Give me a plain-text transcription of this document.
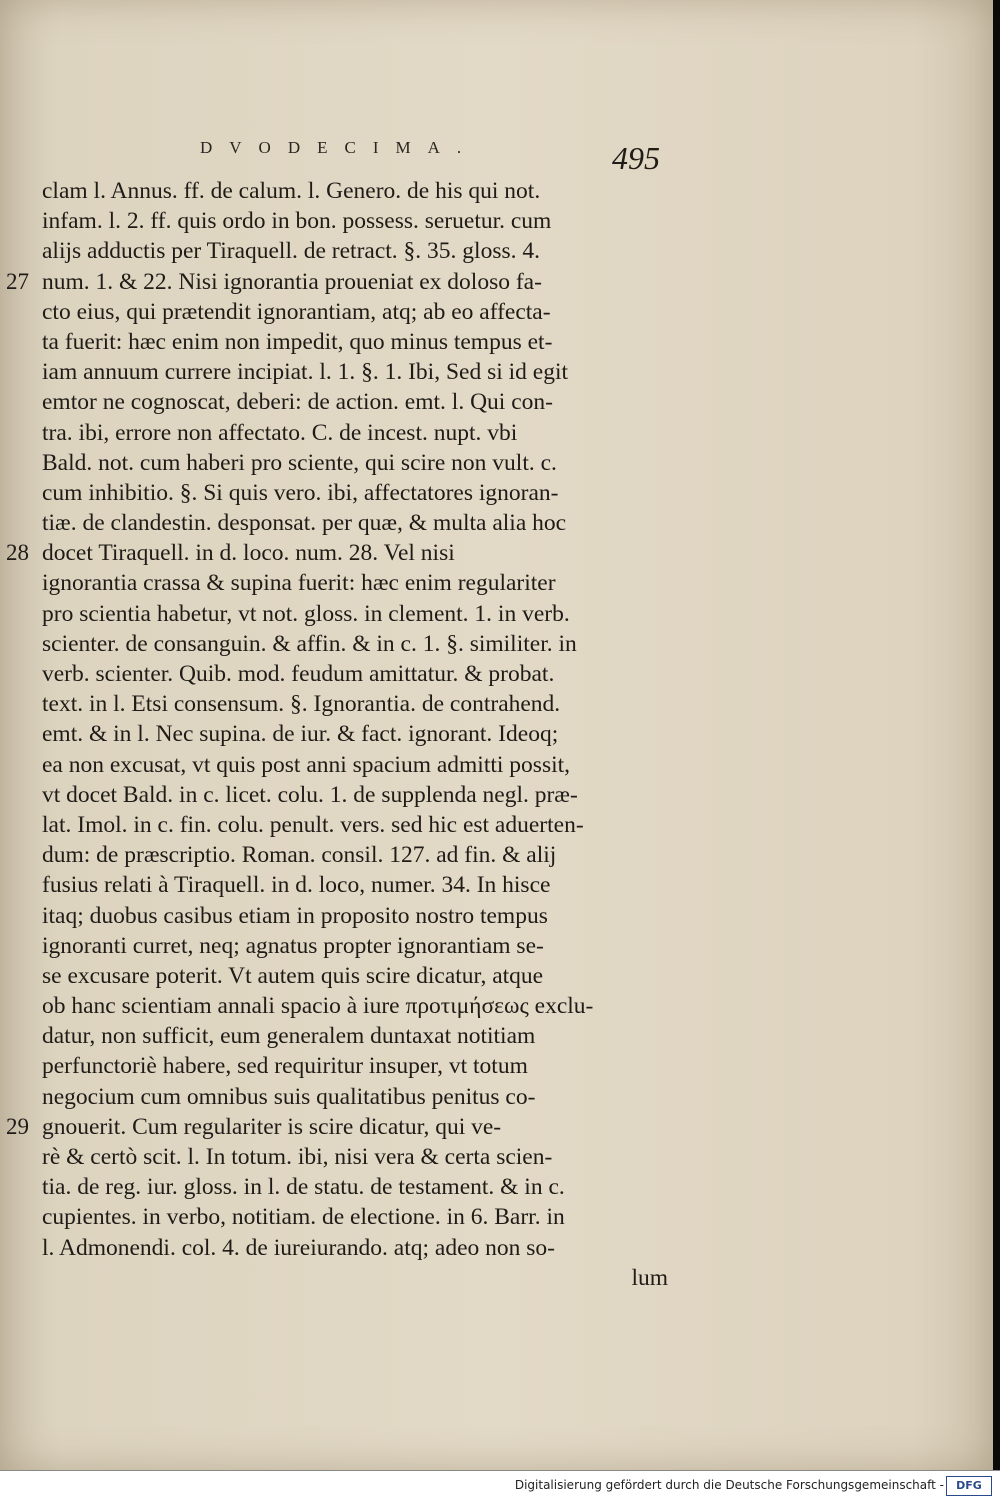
DVODECIMA.	495
clam l. Annus. ff. de calum. l. Genero. de his qui not.
infam. l. 2. ff. quis ordo in bon. possess. seruetur. cum
alijs adductis per Tiraquell. de retract. §. 35. gloss. 4.
27 num. 1. & 22. Nisi ignorantia proueniat ex doloso fa-
cto eius, qui prætendit ignorantiam, atq; ab eo affecta-
ta fuerit: hæc enim non impedit, quo minus tempus et-
iam annuum currere incipiat. l. 1. §. 1. Ibi, Sed si id egit
emtor ne cognoscat, deberi: de action. emt. l. Qui con-
tra. ibi, errore non affectato. C. de incest. nupt. vbi
Bald. not. cum haberi pro sciente, qui scire non vult. c.
cum inhibitio. §. Si quis vero. ibi, affectatores ignoran-
tiæ. de clandestin. desponsat. per quæ, & multa alia hoc
28 docet Tiraquell. in d. loco. num. 28. Vel nisi
ignorantia crassa & supina fuerit: hæc enim regulariter
pro scientia habetur, vt not. gloss. in clement. 1. in verb.
scienter. de consanguin. & affin. & in c. 1. §. similiter. in
verb. scienter. Quib. mod. feudum amittatur. & probat.
text. in l. Etsi consensum. §. Ignorantia. de contrahend.
emt. & in l. Nec supina. de iur. & fact. ignorant. Ideoq;
ea non excusat, vt quis post anni spacium admitti possit,
vt docet Bald. in c. licet. colu. 1. de supplenda negl. præ-
lat. Imol. in c. fin. colu. penult. vers. sed hic est aduerten-
dum: de præscriptio. Roman. consil. 127. ad fin. & alij
fusius relati à Tiraquell. in d. loco, numer. 34. In hisce
itaq; duobus casibus etiam in proposito nostro tempus
ignoranti curret, neq; agnatus propter ignorantiam se-
se excusare poterit. Vt autem quis scire dicatur, atque
ob hanc scientiam annali spacio à iure προτιμήσεως exclu-
datur, non sufficit, eum generalem duntaxat notitiam
perfunctoriè habere, sed requiritur insuper, vt totum
negocium cum omnibus suis qualitatibus penitus co-
29 gnouerit. Cum regulariter is scire dicatur, qui ve-
rè & certò scit. l. In totum. ibi, nisi vera & certa scien-
tia. de reg. iur. gloss. in l. de statu. de testament. & in c.
cupientes. in verbo, notitiam. de electione. in 6. Barr. in
l. Admonendi. col. 4. de iureiurando. atq; adeo non so-
lum
Digitalisierung gefördert durch die Deutsche Forschungsgemeinschaft -	DFG
